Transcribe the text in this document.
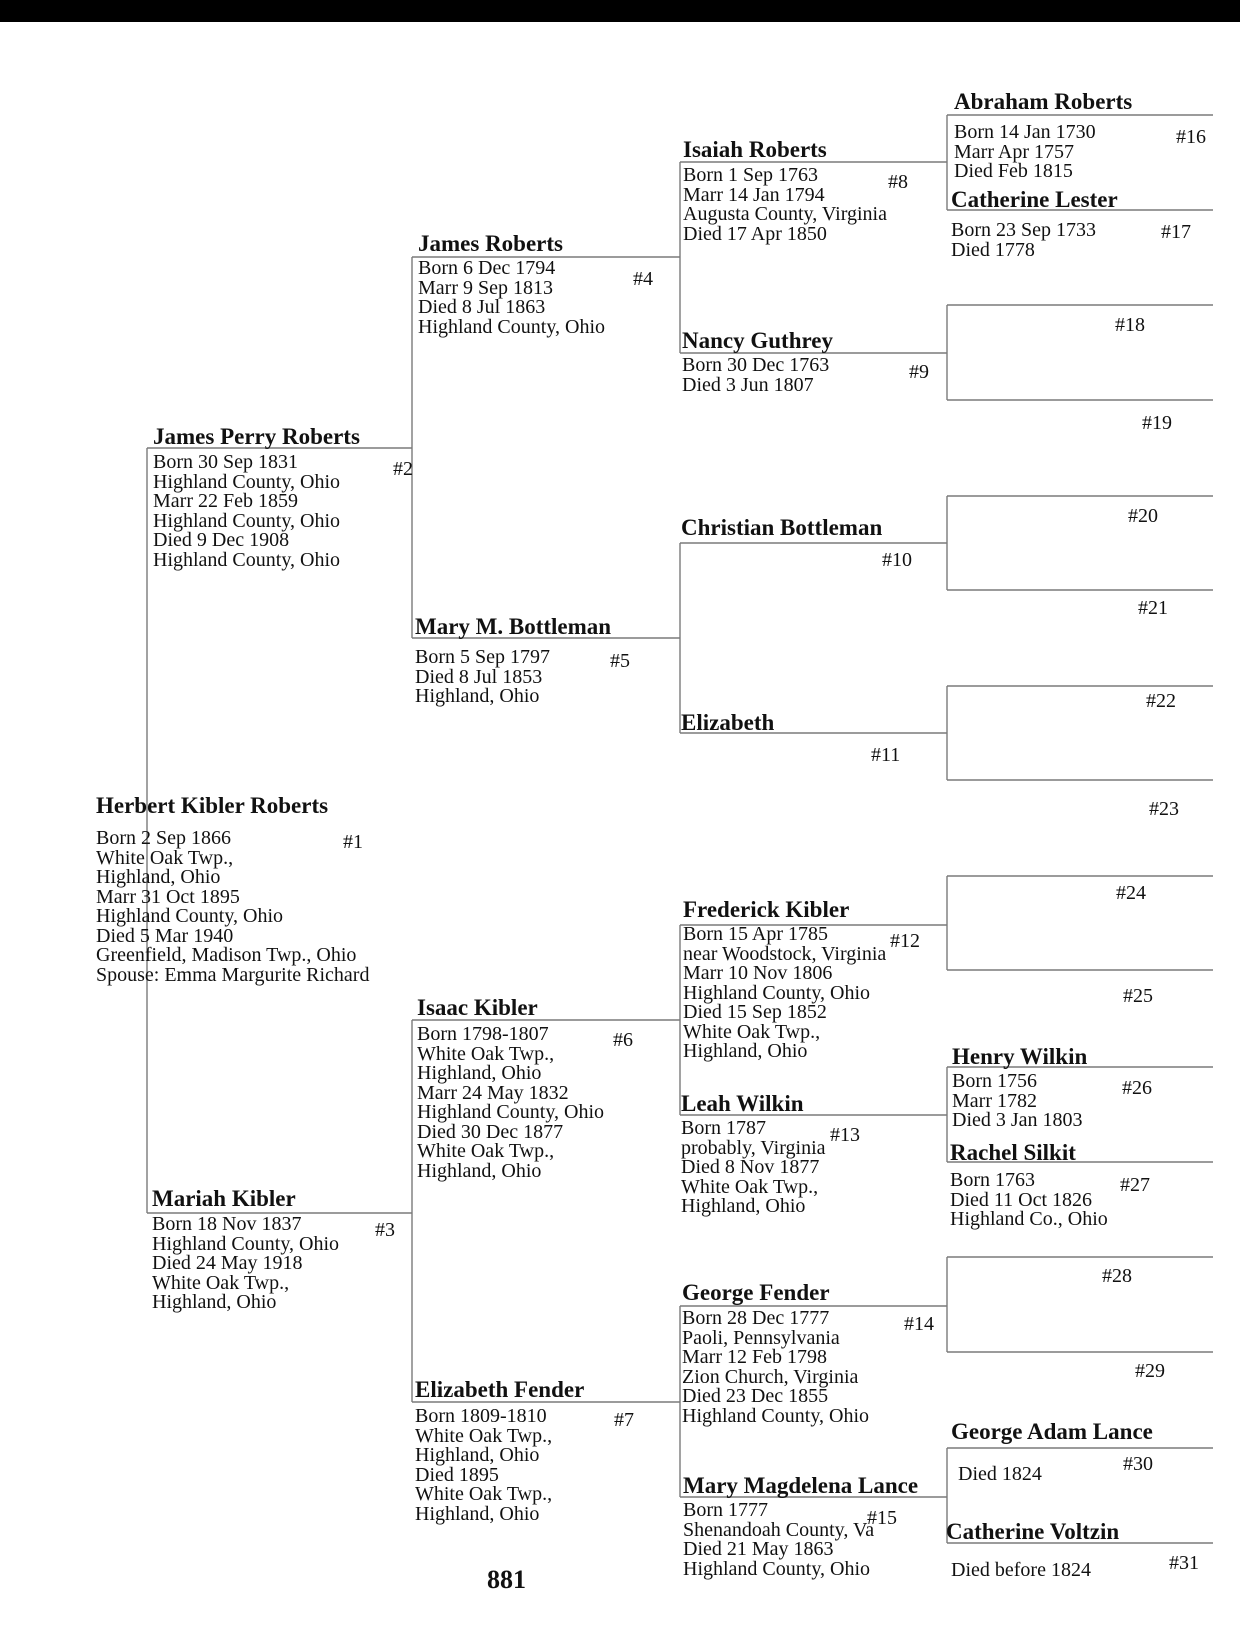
Herbert Kibler Roberts
Born 2 Sep 1866
White Oak Twp.,
Highland, Ohio
Marr 31 Oct 1895
Highland County, Ohio
Died 5 Mar 1940
Greenfield, Madison Twp., Ohio
Spouse: Emma Margurite Richard
#1
James Perry Roberts
Born 30 Sep 1831
Highland County, Ohio
Marr 22 Feb 1859
Highland County, Ohio
Died 9 Dec 1908
Highland County, Ohio
#2
Mariah Kibler
Born 18 Nov 1837
Highland County, Ohio
Died 24 May 1918
White Oak Twp.,
Highland, Ohio
#3
James Roberts
Born 6 Dec 1794
Marr 9 Sep 1813
Died 8 Jul 1863
Highland County, Ohio
#4
Mary M. Bottleman
Born 5 Sep 1797
Died 8 Jul 1853
Highland, Ohio
#5
Isaac Kibler
Born 1798-1807
White Oak Twp.,
Highland, Ohio
Marr 24 May 1832
Highland County, Ohio
Died 30 Dec 1877
White Oak Twp.,
Highland, Ohio
#6
Elizabeth Fender
Born 1809-1810
White Oak Twp.,
Highland, Ohio
Died 1895
White Oak Twp.,
Highland, Ohio
#7
Isaiah Roberts
Born 1 Sep 1763
Marr 14 Jan 1794
Augusta County, Virginia
Died 17 Apr 1850
#8
Nancy Guthrey
Born 30 Dec 1763
Died 3 Jun 1807
#9
Christian Bottleman
#10
Elizabeth
#11
Frederick Kibler
Born 15 Apr 1785
near Woodstock, Virginia
Marr 10 Nov 1806
Highland County, Ohio
Died 15 Sep 1852
White Oak Twp.,
Highland, Ohio
#12
Leah Wilkin
Born 1787
probably, Virginia
Died 8 Nov 1877
White Oak Twp.,
Highland, Ohio
#13
George Fender
Born 28 Dec 1777
Paoli, Pennsylvania
Marr 12 Feb 1798
Zion Church, Virginia
Died 23 Dec 1855
Highland County, Ohio
#14
Mary Magdelena Lance
Born 1777
Shenandoah County, Va
Died 21 May 1863
Highland County, Ohio
#15
Abraham Roberts
Born 14 Jan 1730
Marr Apr 1757
Died Feb 1815
#16
Catherine Lester
Born 23 Sep 1733
Died 1778
#17
#18
#19
#20
#21
#22
#23
#24
#25
Henry Wilkin
Born 1756
Marr 1782
Died 3 Jan 1803
#26
Rachel Silkit
Born 1763
Died 11 Oct 1826
Highland Co., Ohio
#27
#28
#29
George Adam Lance
Died 1824	#30
Catherine Voltzin
Died before 1824	#31
881
